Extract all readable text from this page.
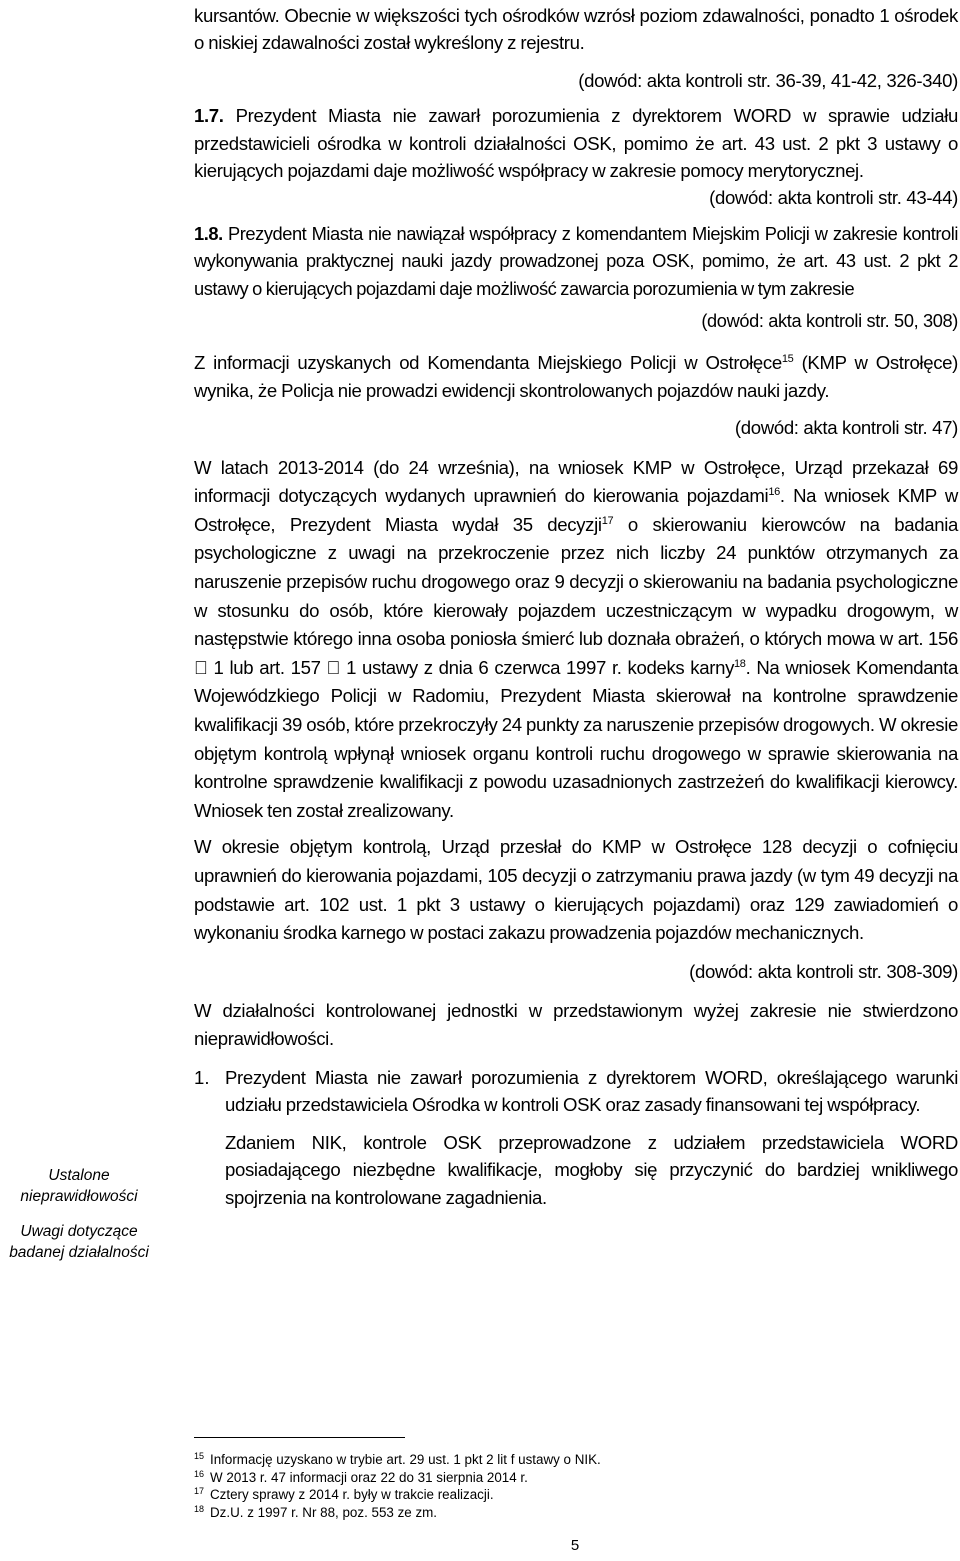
Ustalone nieprawidłowości
Uwagi dotyczące badanej działalności

kursantów. Obecnie w większości tych ośrodków wzrósł poziom zdawalności, ponadto 1 ośrodek o niskiej zdawalności został wykreślony z rejestru.

(dowód: akta kontroli str. 36-39, 41-42, 326-340)

1.7. Prezydent Miasta nie zawarł porozumienia z dyrektorem WORD w sprawie udziału przedstawicieli ośrodka w kontroli działalności OSK, pomimo że art. 43 ust. 2 pkt 3 ustawy o kierujących pojazdami daje możliwość współpracy w zakresie pomocy merytorycznej.

(dowód: akta kontroli str. 43-44)

1.8. Prezydent Miasta nie nawiązał współpracy z komendantem Miejskim Policji w zakresie kontroli wykonywania praktycznej nauki jazdy prowadzonej poza OSK, pomimo, że art. 43 ust. 2 pkt 2 ustawy o kierujących pojazdami daje możliwość zawarcia porozumienia w tym zakresie

(dowód: akta kontroli str. 50, 308)

Z informacji uzyskanych od Komendanta Miejskiego Policji w Ostrołęce$^{15}$ (KMP w Ostrołęce) wynika, że Policja nie prowadzi ewidencji skontrolowanych pojazdów nauki jazdy.

(dowód: akta kontroli str. 47)

W latach 2013-2014 (do 24 września), na wniosek KMP w Ostrołęce, Urząd przekazał 69 informacji dotyczących wydanych uprawnień do kierowania pojazdami$^{16}$. Na wniosek KMP w Ostrołęce, Prezydent Miasta wydał 35 decyzji$^{17}$ o skierowaniu kierowców na badania psychologiczne z uwagi na przekroczenie przez nich liczby 24 punktów otrzymanych za naruszenie przepisów ruchu drogowego oraz 9 decyzji o skierowaniu na badania psychologiczne w stosunku do osób, które kierowały pojazdem uczestniczącym w wypadku drogowym, w następstwie którego inna osoba poniosła śmierć lub doznała obrażeń, o których mowa w art. 156 1 lub art. 157 1 ustawy z dnia 6 czerwca 1997 r. kodeks karny$^{18}$. Na wniosek Komendanta Wojewódzkiego Policji w Radomiu, Prezydent Miasta skierował na kontrolne sprawdzenie kwalifikacji 39 osób, które przekroczyły 24 punkty za naruszenie przepisów drogowych. W okresie objętym kontrolą wpłynął wniosek organu kontroli ruchu drogowego w sprawie skierowania na kontrolne sprawdzenie kwalifikacji z powodu uzasadnionych zastrzeżeń do kwalifikacji kierowcy. Wniosek ten został zrealizowany.

W okresie objętym kontrolą, Urząd przesłał do KMP w Ostrołęce 128 decyzji o cofnięciu uprawnień do kierowania pojazdami, 105 decyzji o zatrzymaniu prawa jazdy (w tym 49 decyzji na podstawie art. 102 ust. 1 pkt 3 ustawy o kierujących pojazdami) oraz 129 zawiadomień o wykonaniu środka karnego w postaci zakazu prowadzenia pojazdów mechanicznych.

(dowód: akta kontroli str. 308-309)

W działalności kontrolowanej jednostki w przedstawionym wyżej zakresie nie stwierdzono nieprawidłowości.

1. Prezydent Miasta nie zawarł porozumienia z dyrektorem WORD, określającego warunki udziału przedstawiciela Ośrodka w kontroli OSK oraz zasady finansowani tej współpracy.

Zdaniem NIK, kontrole OSK przeprowadzone z udziałem przedstawiciela WORD posiadającego niezbędne kwalifikacje, mogłoby się przyczynić do bardziej wnikliwego spojrzenia na kontrolowane zagadnienia.

$^{15}$ Informację uzyskano w trybie art. 29 ust. 1 pkt 2 lit f ustawy o NIK.
$^{16}$ W 2013 r. 47 informacji oraz 22 do 31 sierpnia 2014 r.
$^{17}$ Cztery sprawy z 2014 r. były w trakcie realizacji.
$^{18}$ Dz.U. z 1997 r. Nr 88, poz. 553 ze zm.
5
